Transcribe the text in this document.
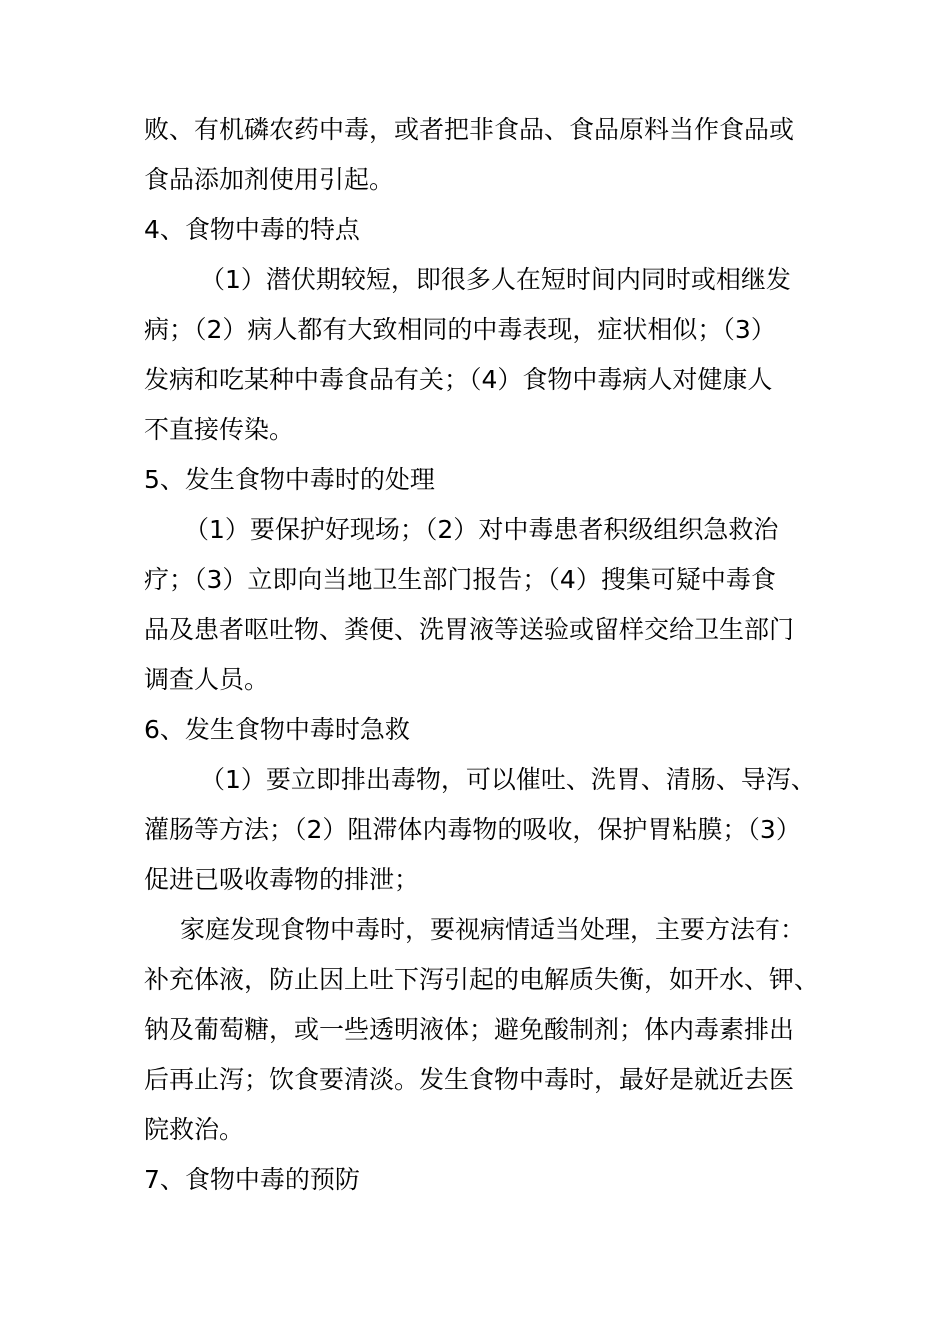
败、有机磷农药中毒，或者把非食品、食品原料当作食品或
食品添加剂使用引起。
4、食物中毒的特点
（1）潜伏期较短，即很多人在短时间内同时或相继发
病；（2）病人都有大致相同的中毒表现，症状相似；（3）
发病和吃某种中毒食品有关；（4）食物中毒病人对健康人
不直接传染。
5、发生食物中毒时的处理
（1）要保护好现场；（2）对中毒患者积级组织急救治
疗；（3）立即向当地卫生部门报告；（4）搜集可疑中毒食
品及患者呕吐物、粪便、洗胃液等送验或留样交给卫生部门
调查人员。
6、发生食物中毒时急救
（1）要立即排出毒物，可以催吐、洗胃、清肠、导泻、
灌肠等方法；（2）阻滞体内毒物的吸收，保护胃粘膜；（3）
促进已吸收毒物的排泄；
家庭发现食物中毒时，要视病情适当处理，主要方法有：
补充体液，防止因上吐下泻引起的电解质失衡，如开水、钾、
钠及葡萄糖，或一些透明液体；避免酸制剂；体内毒素排出
后再止泻；饮食要清淡。发生食物中毒时，最好是就近去医
院救治。
7、食物中毒的预防
